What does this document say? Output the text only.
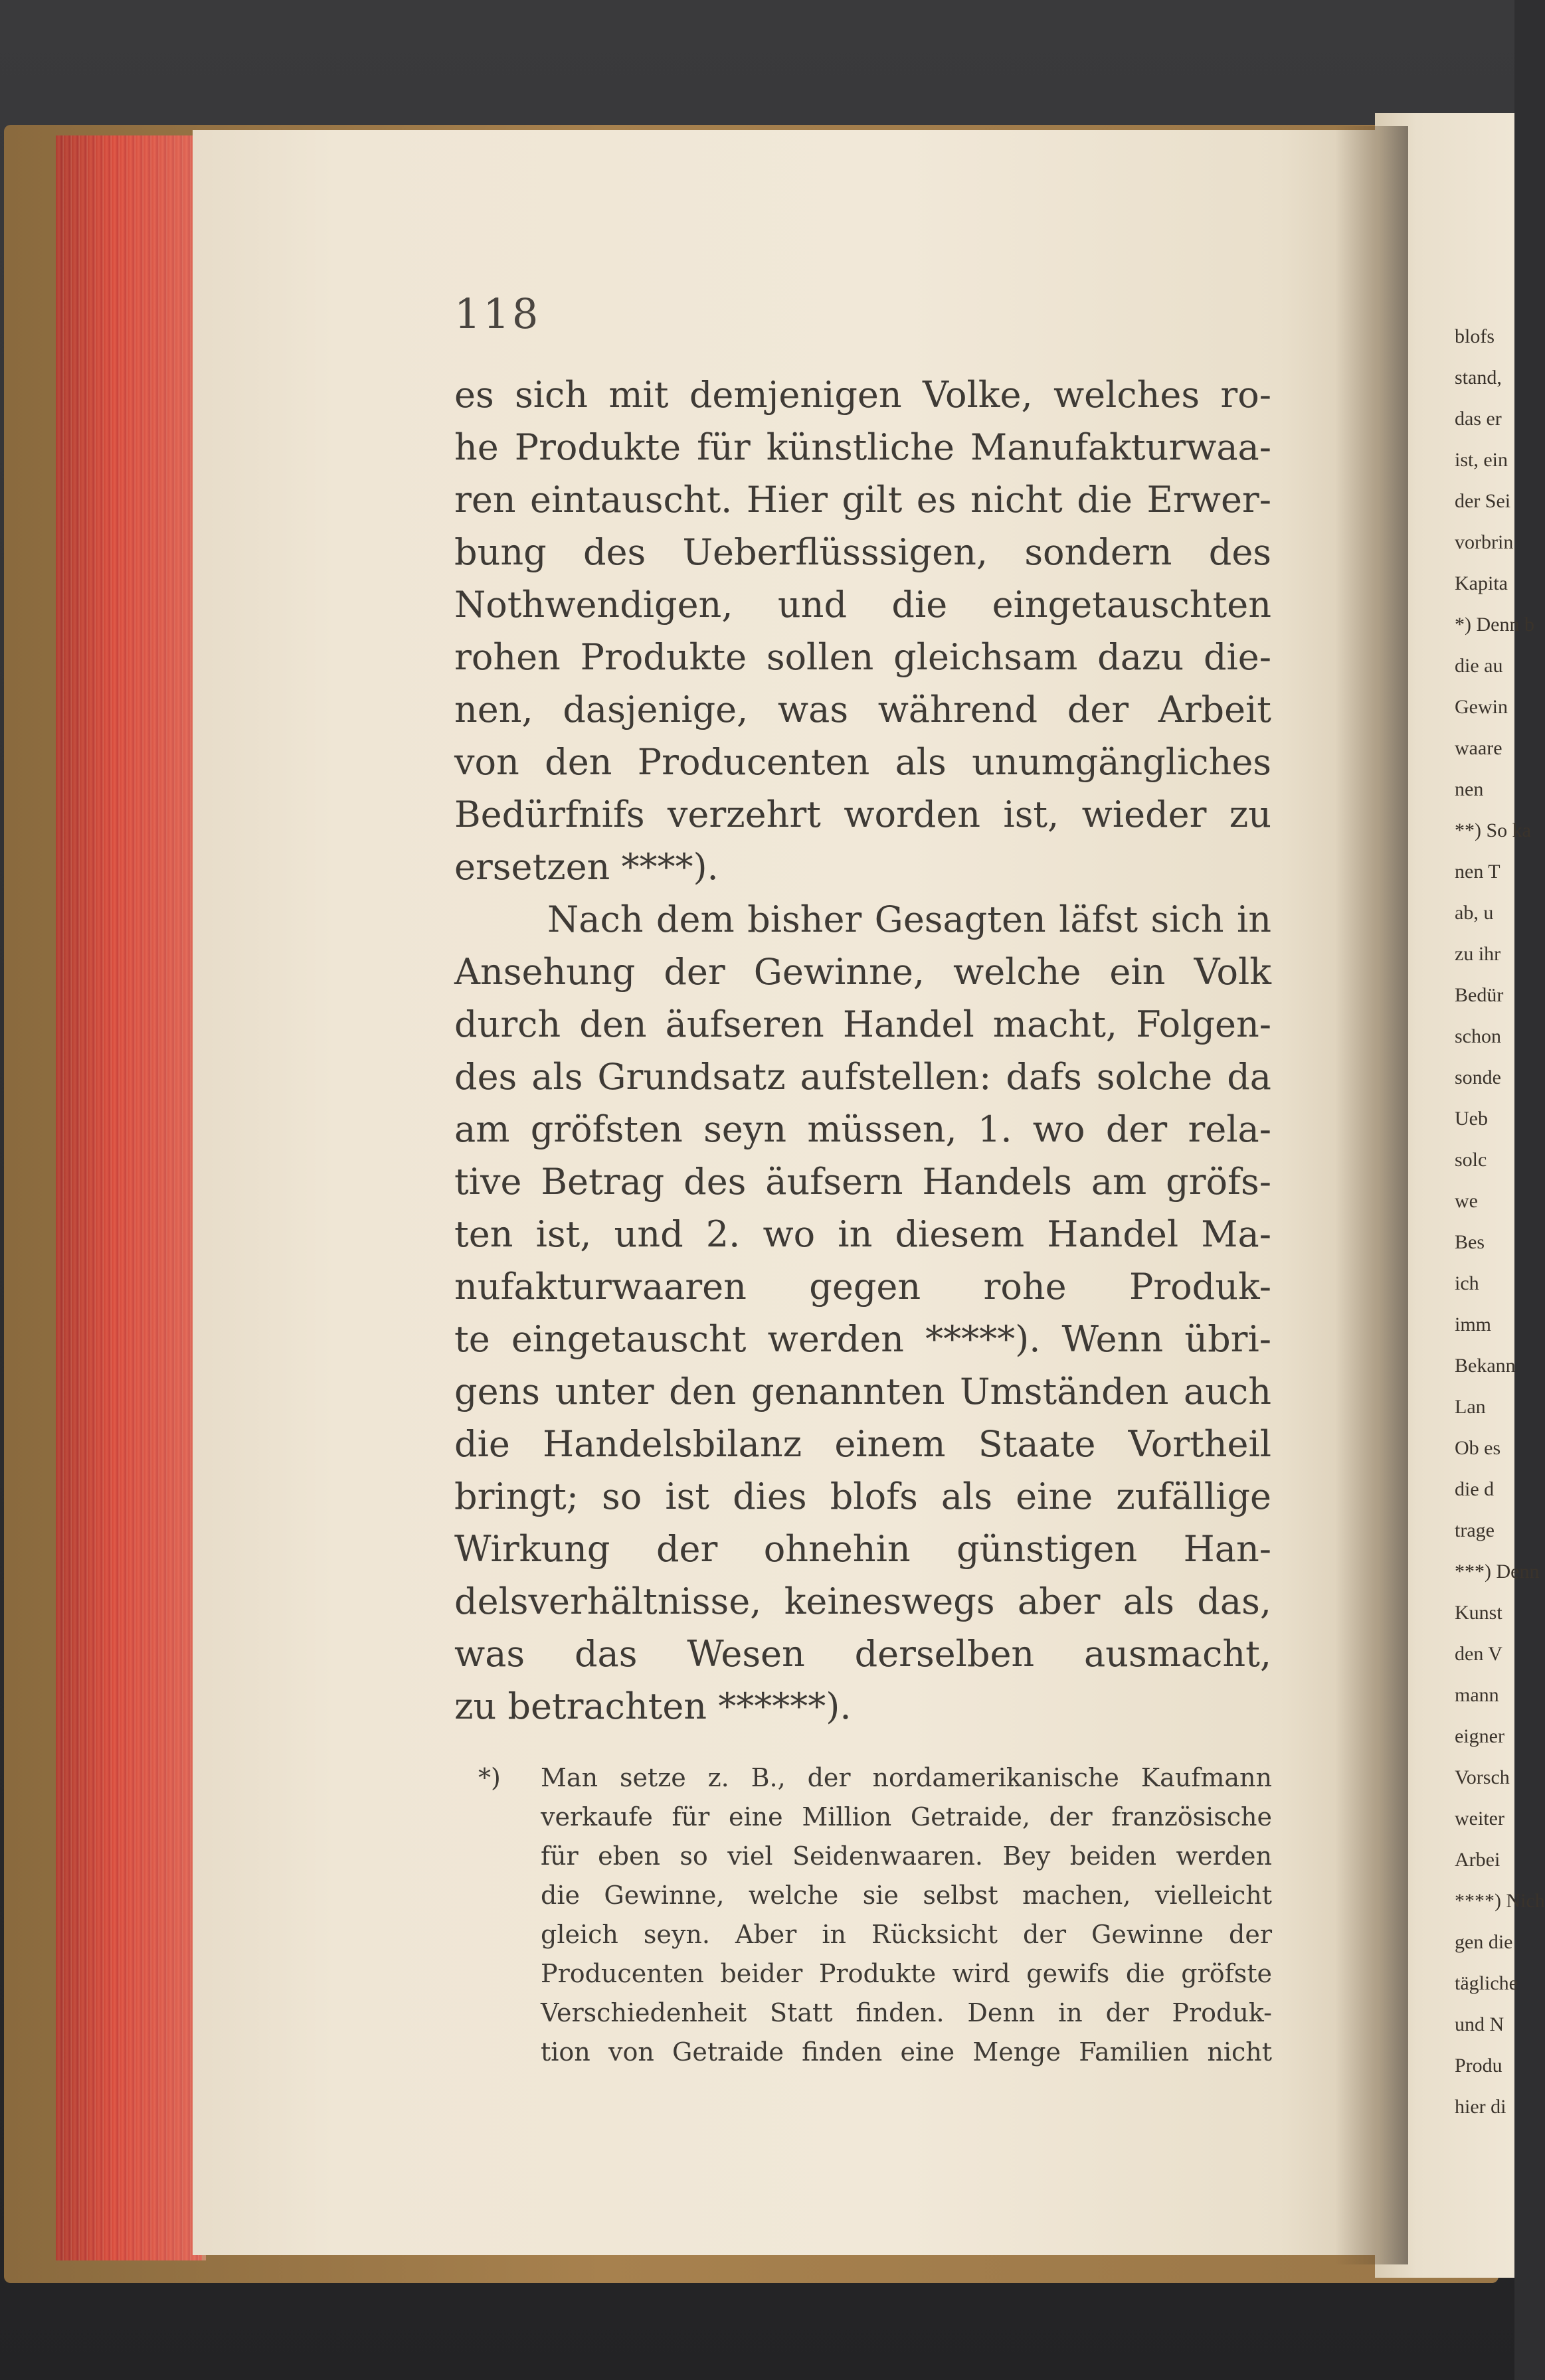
blofs
stand,
das er
ist, ein
der Sei
vorbrin
Kapita
*) Denn b
die au
Gewin
waare
nen
**) So ka
nen T
ab, u
zu ihr
Bedür
schon
sonde
Ueb
solc
we
Bes
ich
imm
Bekann
Lan
Ob es
die d
trage
***) Denn
Kunst
den V
mann
eigner
Vorsch
weiter
Arbei
****) Nich
gen die
tägliche
und N
Produ
hier di
118
es sich mit demjenigen Volke, welches ro-
he Produkte für künstliche Manufakturwaa-
ren eintauscht. Hier gilt es nicht die Erwer-
bung des Ueberflüsssigen, sondern des
Nothwendigen, und die eingetauschten
rohen Produkte sollen gleichsam dazu die-
nen, dasjenige, was während der Arbeit
von den Producenten als unumgängliches
Bedürfnifs verzehrt worden ist, wieder zu
ersetzen ****).
Nach dem bisher Gesagten läfst sich in
Ansehung der Gewinne, welche ein Volk
durch den äufseren Handel macht, Folgen-
des als Grundsatz aufstellen: dafs solche da
am gröfsten seyn müssen, 1. wo der rela-
tive Betrag des äufsern Handels am gröfs-
ten ist, und 2. wo in diesem Handel Ma-
nufakturwaaren gegen rohe Produk-
te eingetauscht werden *****). Wenn übri-
gens unter den genannten Umständen auch
die Handelsbilanz einem Staate Vortheil
bringt; so ist dies blofs als eine zufällige
Wirkung der ohnehin günstigen Han-
delsverhältnisse, keineswegs aber als das,
was das Wesen derselben ausmacht,
zu betrachten ******).
*) Man setze z. B., der nordamerikanische Kaufmann
verkaufe für eine Million Getraide, der französische
für eben so viel Seidenwaaren. Bey beiden werden
die Gewinne, welche sie selbst machen, vielleicht
gleich seyn. Aber in Rücksicht der Gewinne der
Producenten beider Produkte wird gewifs die gröfste
Verschiedenheit Statt finden. Denn in der Produk-
tion von Getraide finden eine Menge Familien nicht
